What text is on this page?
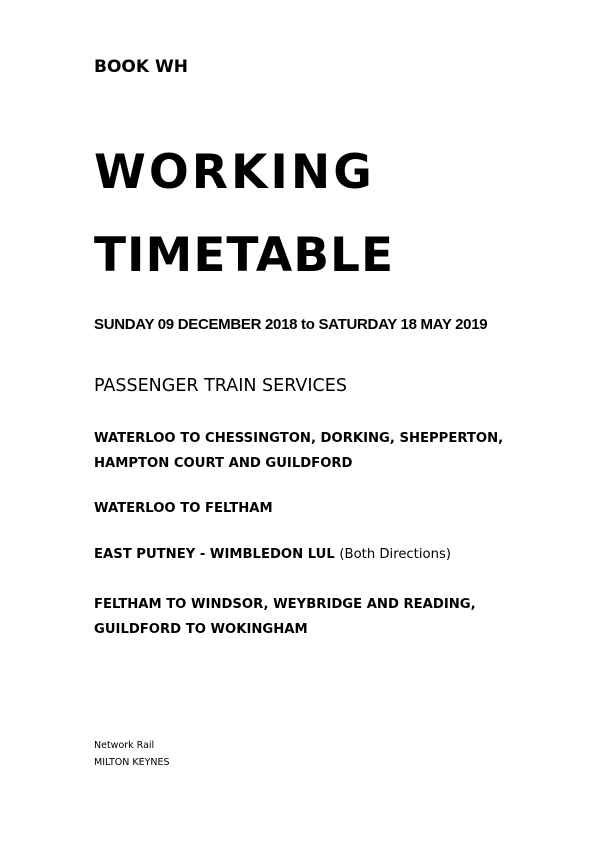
BOOK WH
WORKING
TIMETABLE
SUNDAY 09 DECEMBER 2018 to SATURDAY 18 MAY 2019
PASSENGER TRAIN SERVICES
WATERLOO TO CHESSINGTON, DORKING, SHEPPERTON,
HAMPTON COURT AND GUILDFORD
WATERLOO TO FELTHAM
EAST PUTNEY - WIMBLEDON LUL (Both Directions)
FELTHAM TO WINDSOR, WEYBRIDGE AND READING,
GUILDFORD TO WOKINGHAM
Network Rail
MILTON KEYNES
